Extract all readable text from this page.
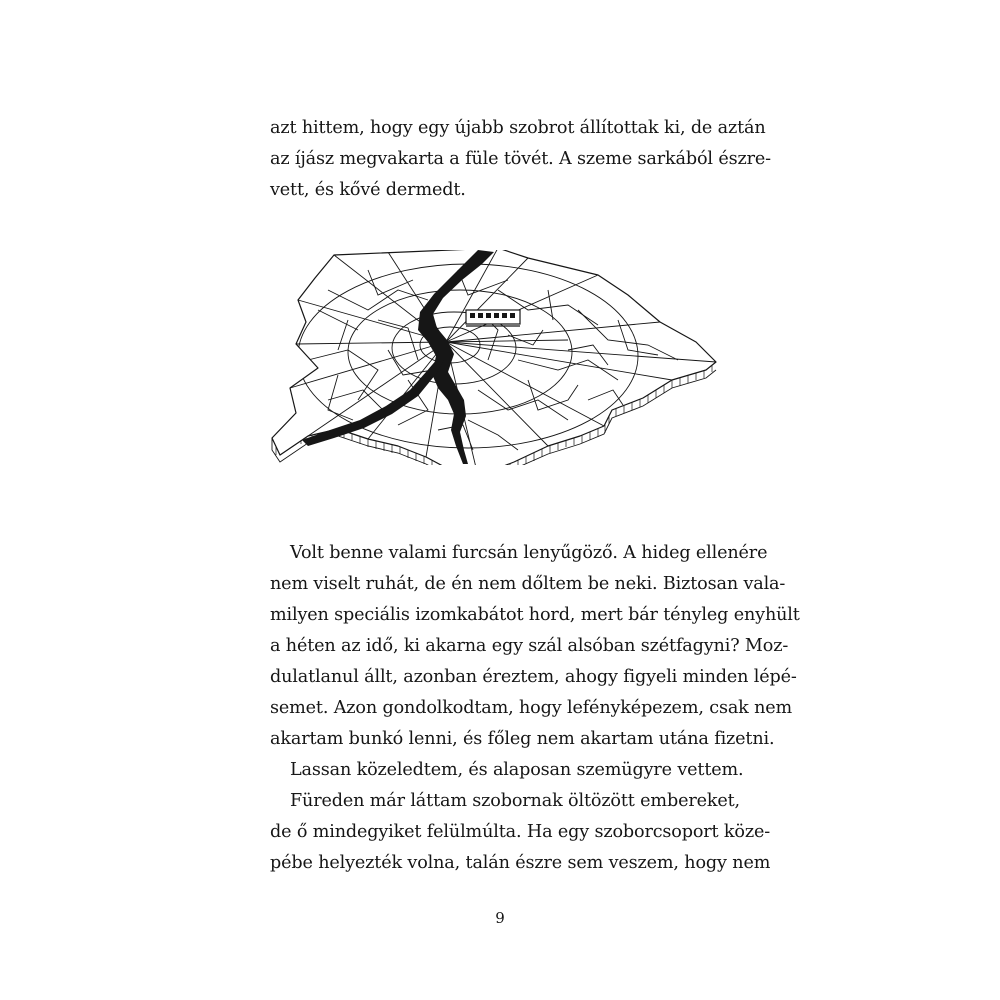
azt hittem, hogy egy újabb szobrot állítottak ki, de aztán
az íjász megvakarta a füle tövét. A szeme sarkából észre-
vett, és kővé dermedt.
Volt benne valami furcsán lenyűgöző. A hideg ellenére
nem viselt ruhát, de én nem dőltem be neki. Biztosan vala-
milyen speciális izomkabátot hord, mert bár tényleg enyhült
a héten az idő, ki akarna egy szál alsóban szétfagyni? Moz-
dulatlanul állt, azonban éreztem, ahogy figyeli minden lépé-
semet. Azon gondolkodtam, hogy lefényképezem, csak nem
akartam bunkó lenni, és főleg nem akartam utána fizetni.
Lassan közeledtem, és alaposan szemügyre vettem.
Füreden már láttam szobornak öltözött embereket,
de ő mindegyiket felülmúlta. Ha egy szoborcsoport köze-
pébe helyezték volna, talán észre sem veszem, hogy nem
9
